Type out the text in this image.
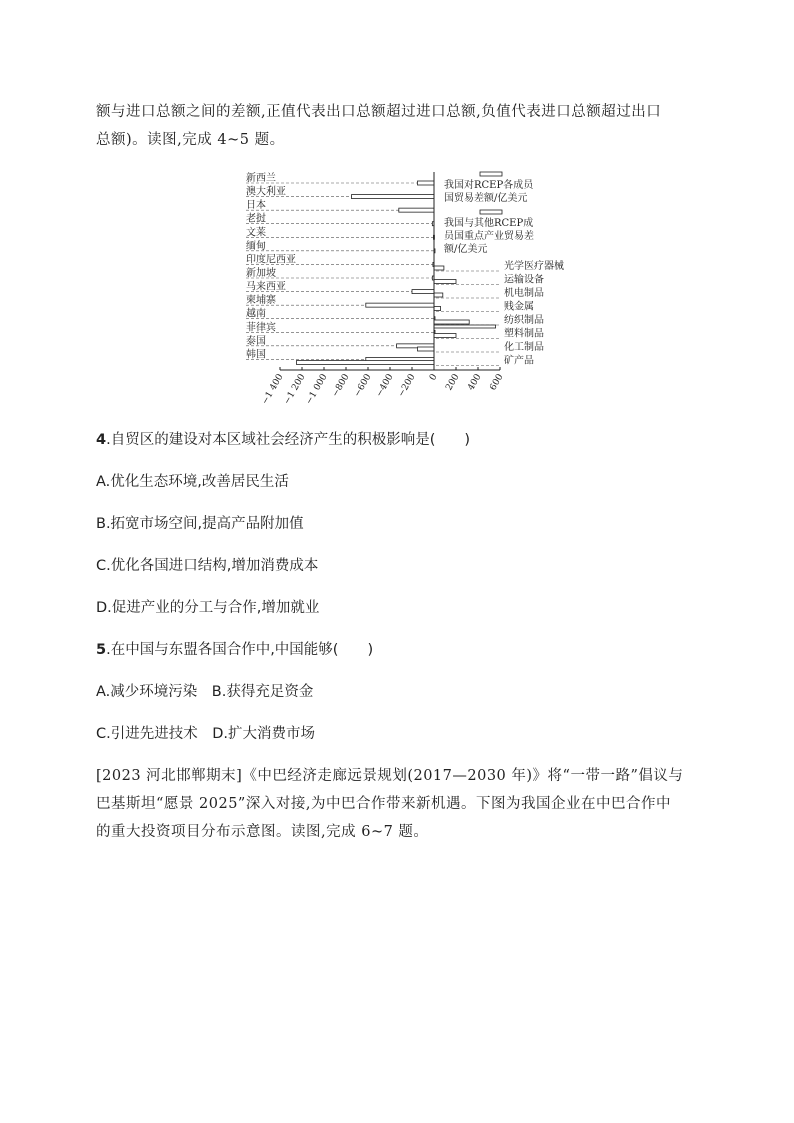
额与进口总额之间的差额,正值代表出口总额超过进口总额,负值代表进口总额超过出口
总额)。读图,完成 4~5 题。
新西兰
澳大利亚
日本
老挝
文莱
缅甸
印度尼西亚
新加坡
马来西亚
柬埔寨
越南
菲律宾
泰国
韩国
光学医疗器械
运输设备
机电制品
贱金属
纺织制品
塑料制品
化工制品
矿产品
−1 400
−1 200
−1 000 −800 −600 −400 −200 0 200 400 600
我国对RCEP各成员
国贸易差额/亿美元
我国与其他RCEP成
员国重点产业贸易差
额/亿美元
4.自贸区的建设对本区域社会经济产生的积极影响是(　　)
A.优化生态环境,改善居民生活
B.拓宽市场空间,提高产品附加值
C.优化各国进口结构,增加消费成本
D.促进产业的分工与合作,增加就业
5.在中国与东盟各国合作中,中国能够(　　)
A.减少环境污染　B.获得充足资金
C.引进先进技术　D.扩大消费市场
[2023 河北邯郸期末]《中巴经济走廊远景规划(2017—2030 年)》将“一带一路”倡议与
巴基斯坦“愿景 2025”深入对接,为中巴合作带来新机遇。下图为我国企业在中巴合作中
的重大投资项目分布示意图。读图,完成 6~7 题。
